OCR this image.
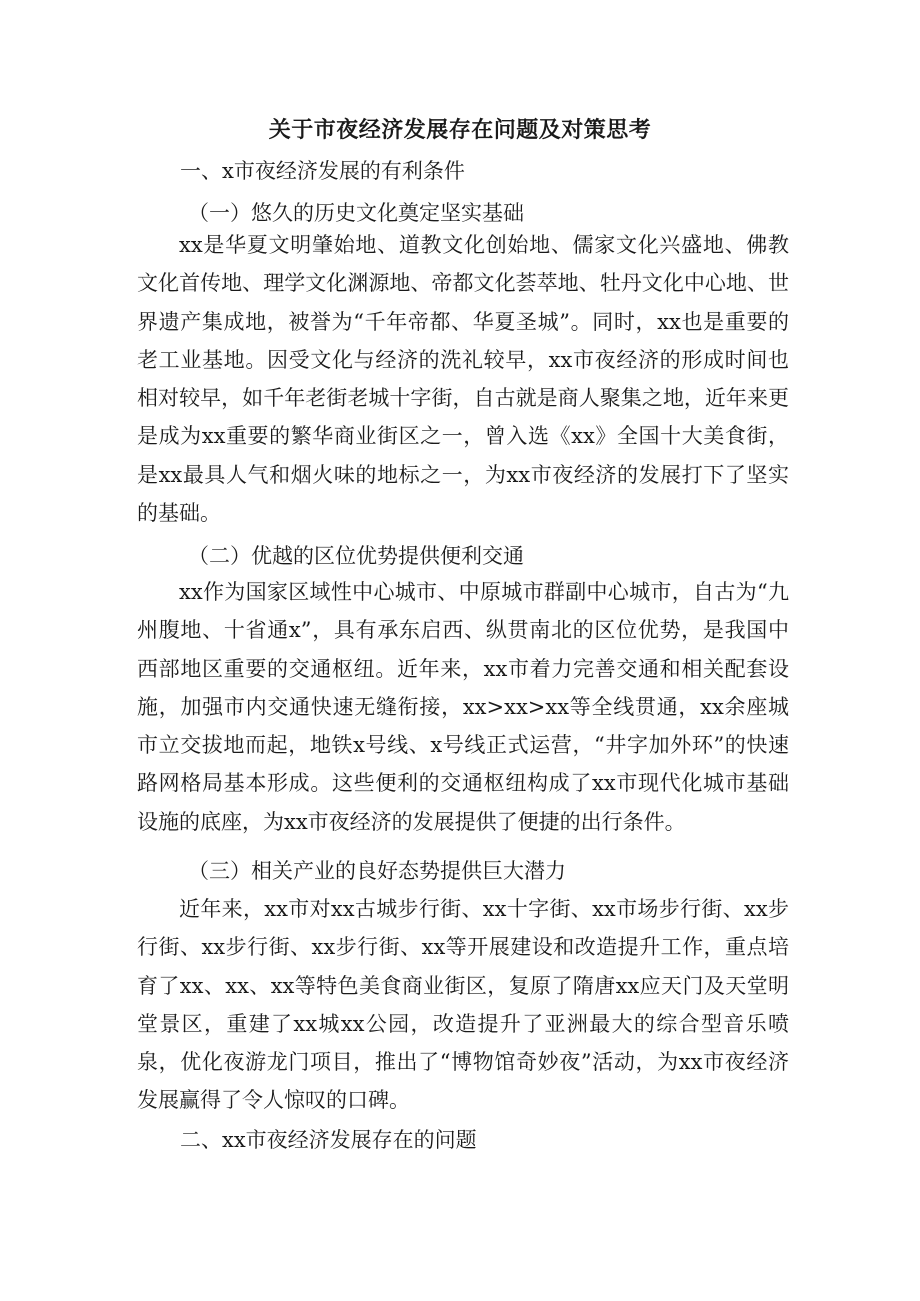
关于市夜经济发展存在问题及对策思考
一、x市夜经济发展的有利条件
（一）悠久的历史文化奠定坚实基础
xx是华夏文明肇始地、道教文化创始地、儒家文化兴盛地、佛教文化首传地、理学文化渊源地、帝都文化荟萃地、牡丹文化中心地、世界遗产集成地，被誉为“千年帝都、华夏圣城”。同时，xx也是重要的老工业基地。因受文化与经济的洗礼较早，xx市夜经济的形成时间也相对较早，如千年老街老城十字街，自古就是商人聚集之地，近年来更是成为xx重要的繁华商业街区之一，曾入选《xx》全国十大美食街，是xx最具人气和烟火味的地标之一，为xx市夜经济的发展打下了坚实的基础。
（二）优越的区位优势提供便利交通
xx作为国家区域性中心城市、中原城市群副中心城市，自古为“九州腹地、十省通x”，具有承东启西、纵贯南北的区位优势，是我国中西部地区重要的交通枢纽。近年来，xx市着力完善交通和相关配套设施，加强市内交通快速无缝衔接，xx>xx>xx等全线贯通，xx余座城市立交拔地而起，地铁x号线、x号线正式运营，“井字加外环”的快速路网格局基本形成。这些便利的交通枢纽构成了xx市现代化城市基础设施的底座，为xx市夜经济的发展提供了便捷的出行条件。
（三）相关产业的良好态势提供巨大潜力
近年来，xx市对xx古城步行街、xx十字街、xx市场步行街、xx步行街、xx步行街、xx步行街、xx等开展建设和改造提升工作，重点培育了xx、xx、xx等特色美食商业街区，复原了隋唐xx应天门及天堂明堂景区，重建了xx城xx公园，改造提升了亚洲最大的综合型音乐喷泉，优化夜游龙门项目，推出了“博物馆奇妙夜”活动，为xx市夜经济发展赢得了令人惊叹的口碑。
二、xx市夜经济发展存在的问题
